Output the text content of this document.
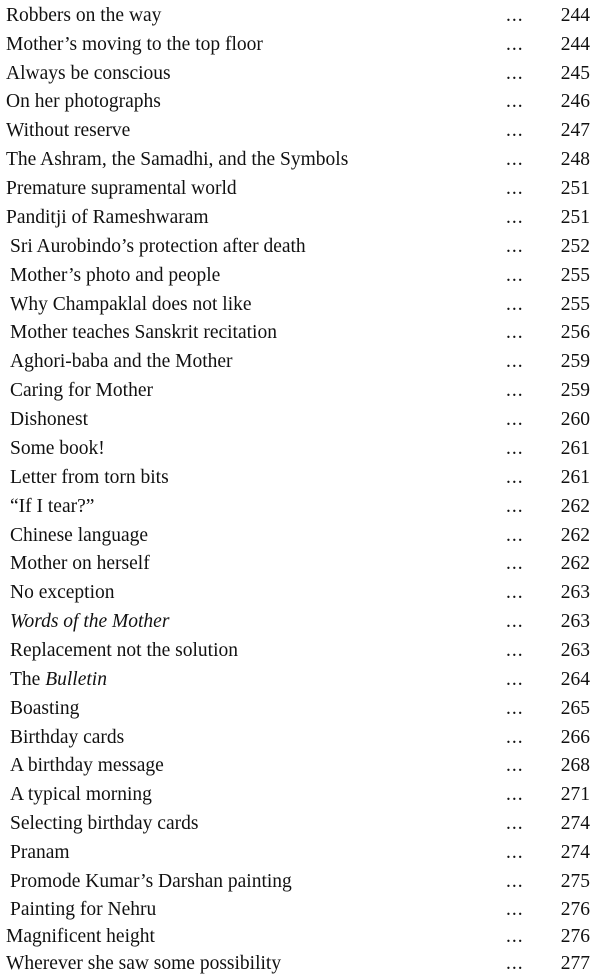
Robbers on the way	... 244
Mother’s moving to the top floor	... 244
Always be conscious	... 245
On her photographs	... 246
Without reserve	... 247
The Ashram, the Samadhi, and the Symbols	... 248
Premature supramental world	... 251
Panditji of Rameshwaram	... 251
Sri Aurobindo’s protection after death	... 252
Mother’s photo and people	... 255
Why Champaklal does not like	... 255
Mother teaches Sanskrit recitation	... 256
Aghori-baba and the Mother	... 259
Caring for Mother	... 259
Dishonest	... 260
Some book!	... 261
Letter from torn bits	... 261
“If I tear?”	... 262
Chinese language	... 262
Mother on herself	... 262
No exception	... 263
Words of the Mother	... 263
Replacement not the solution	... 263
The Bulletin	... 264
Boasting	... 265
Birthday cards	... 266
A birthday message	... 268
A typical morning	... 271
Selecting birthday cards	... 274
Pranam	... 274
Promode Kumar’s Darshan painting	... 275
Painting for Nehru	... 276
Magnificent height	... 276
Wherever she saw some possibility	... 277
